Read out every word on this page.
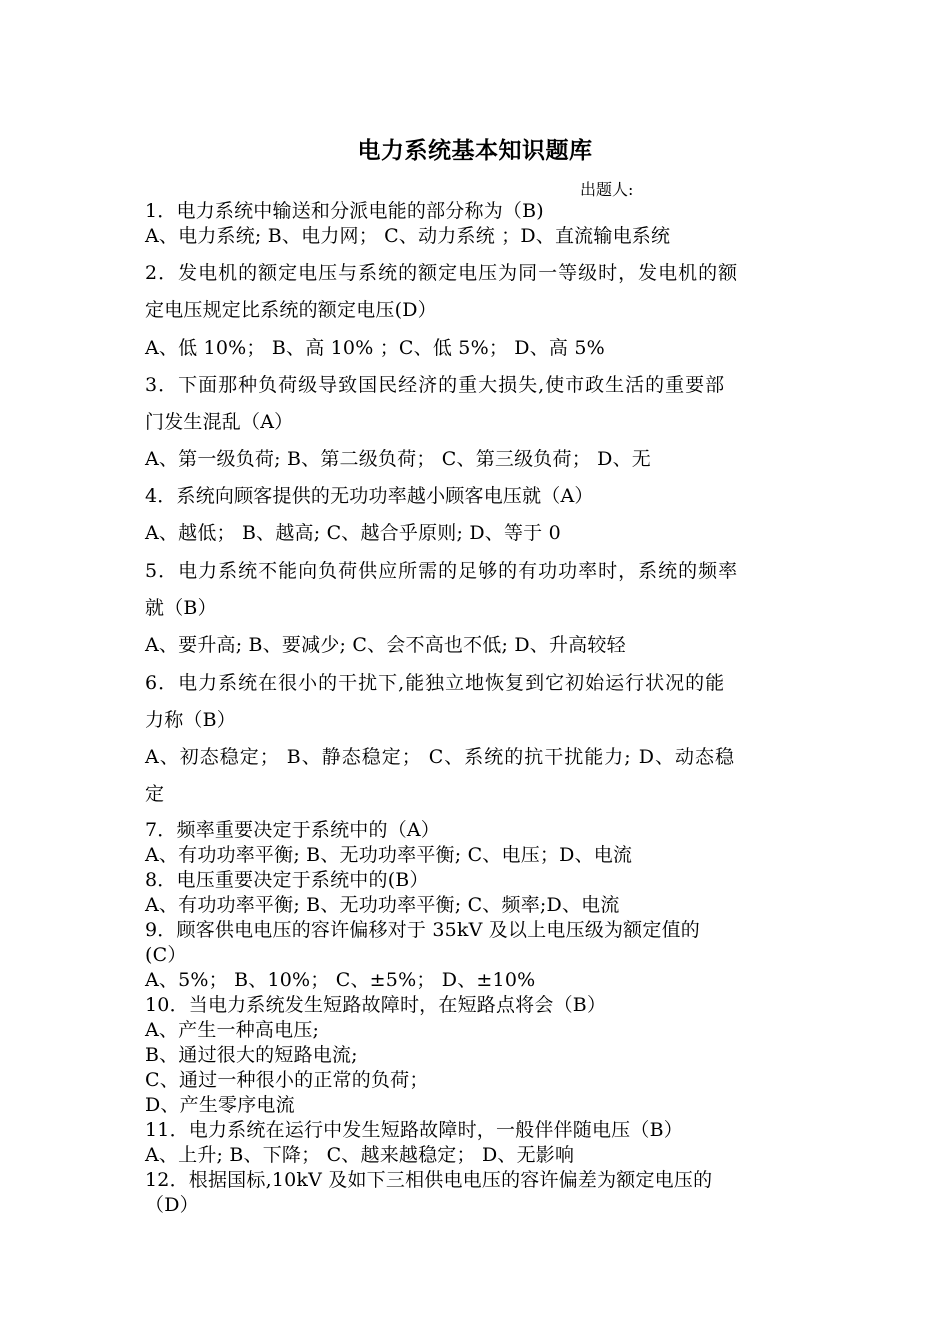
电力系统基本知识题库
出题人:
1．电力系统中输送和分派电能的部分称为（B)
A、电力系统; B、电力网； C、动力系统 ；D、直流输电系统
2．发电机的额定电压与系统的额定电压为同一等级时，发电机的额
定电压规定比系统的额定电压(D）
A、低 10%； B、高 10% ；C、低 5%； D、高 5%
3．下面那种负荷级导致国民经济的重大损失,使市政生活的重要部
门发生混乱（A）
A、第一级负荷; B、第二级负荷； C、第三级负荷； D、无
4．系统向顾客提供的无功功率越小顾客电压就（A）
A、越低； B、越高; C、越合乎原则; D、等于 0
5．电力系统不能向负荷供应所需的足够的有功功率时，系统的频率
就（B）
A、要升高; B、要减少; C、会不高也不低; D、升高较轻
6．电力系统在很小的干扰下,能独立地恢复到它初始运行状况的能
力称（B）
A、初态稳定； B、静态稳定； C、系统的抗干扰能力; D、动态稳
定
7．频率重要决定于系统中的（A）
A、有功功率平衡; B、无功功率平衡; C、电压；D、电流
8．电压重要决定于系统中的(B）
A、有功功率平衡; B、无功功率平衡; C、频率;D、电流
9．顾客供电电压的容许偏移对于 35kV 及以上电压级为额定值的
(C）
A、5%； B、10%； C、±5%； D、±10%
10．当电力系统发生短路故障时，在短路点将会（B）
A、产生一种高电压;
B、通过很大的短路电流;
C、通过一种很小的正常的负荷；
D、产生零序电流
11．电力系统在运行中发生短路故障时，一般伴伴随电压（B）
A、上升; B、下降； C、越来越稳定； D、无影响
12．根据国标,10kV 及如下三相供电电压的容许偏差为额定电压的
（D）
